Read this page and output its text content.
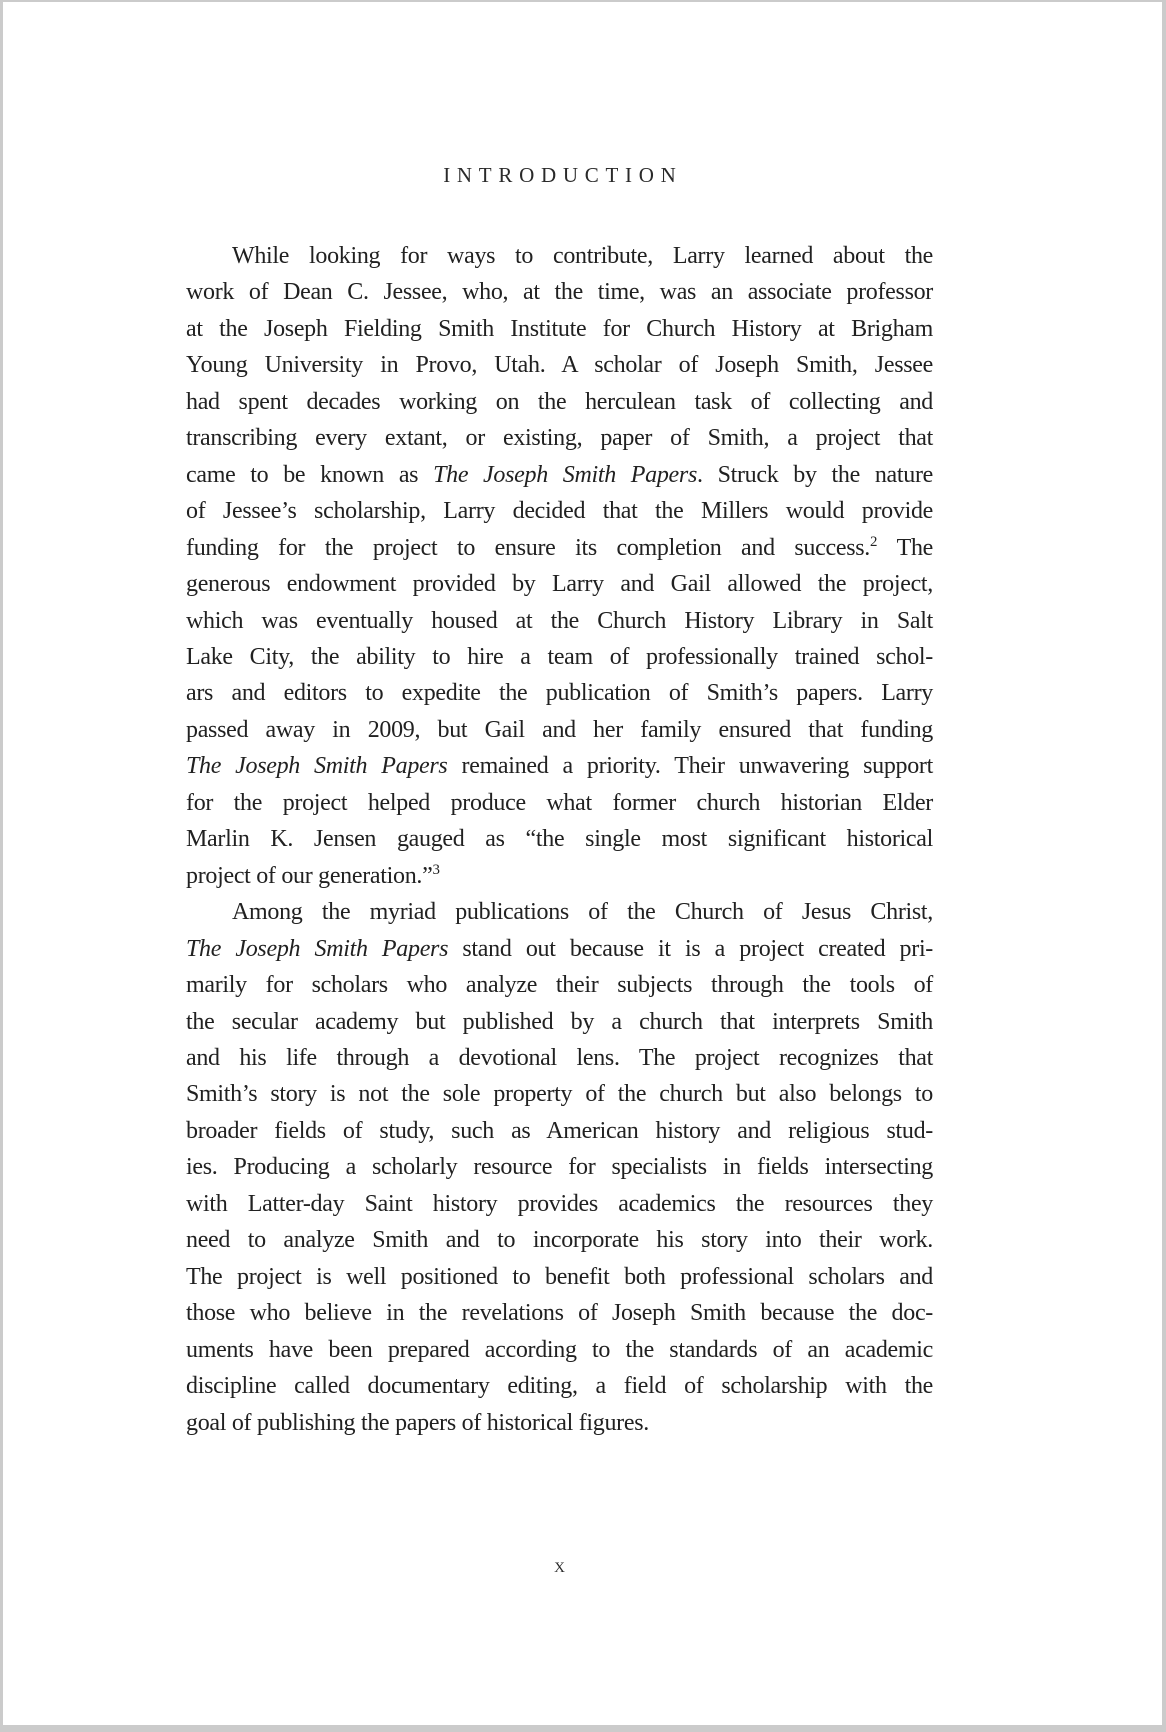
INTRODUCTION
While looking for ways to contribute, Larry learned about the
work of Dean C. Jessee, who, at the time, was an associate professor
at the Joseph Fielding Smith Institute for Church History at Brigham
Young University in Provo, Utah. A scholar of Joseph Smith, Jessee
had spent decades working on the herculean task of collecting and
transcribing every extant, or existing, paper of Smith, a project that
came to be known as The Joseph Smith Papers. Struck by the nature
of Jessee’s scholarship, Larry decided that the Millers would provide
funding for the project to ensure its completion and success.$^2$ The
generous endowment provided by Larry and Gail allowed the project,
which was eventually housed at the Church History Library in Salt
Lake City, the ability to hire a team of professionally trained schol-
ars and editors to expedite the publication of Smith’s papers. Larry
passed away in 2009, but Gail and her family ensured that funding
The Joseph Smith Papers remained a priority. Their unwavering support
for the project helped produce what former church historian Elder
Marlin K. Jensen gauged as “the single most significant historical
project of our generation.”$^3$
Among the myriad publications of the Church of Jesus Christ,
The Joseph Smith Papers stand out because it is a project created pri-
marily for scholars who analyze their subjects through the tools of
the secular academy but published by a church that interprets Smith
and his life through a devotional lens. The project recognizes that
Smith’s story is not the sole property of the church but also belongs to
broader fields of study, such as American history and religious stud-
ies. Producing a scholarly resource for specialists in fields intersecting
with Latter-day Saint history provides academics the resources they
need to analyze Smith and to incorporate his story into their work.
The project is well positioned to benefit both professional scholars and
those who believe in the revelations of Joseph Smith because the doc-
uments have been prepared according to the standards of an academic
discipline called documentary editing, a field of scholarship with the
goal of publishing the papers of historical figures.
x
